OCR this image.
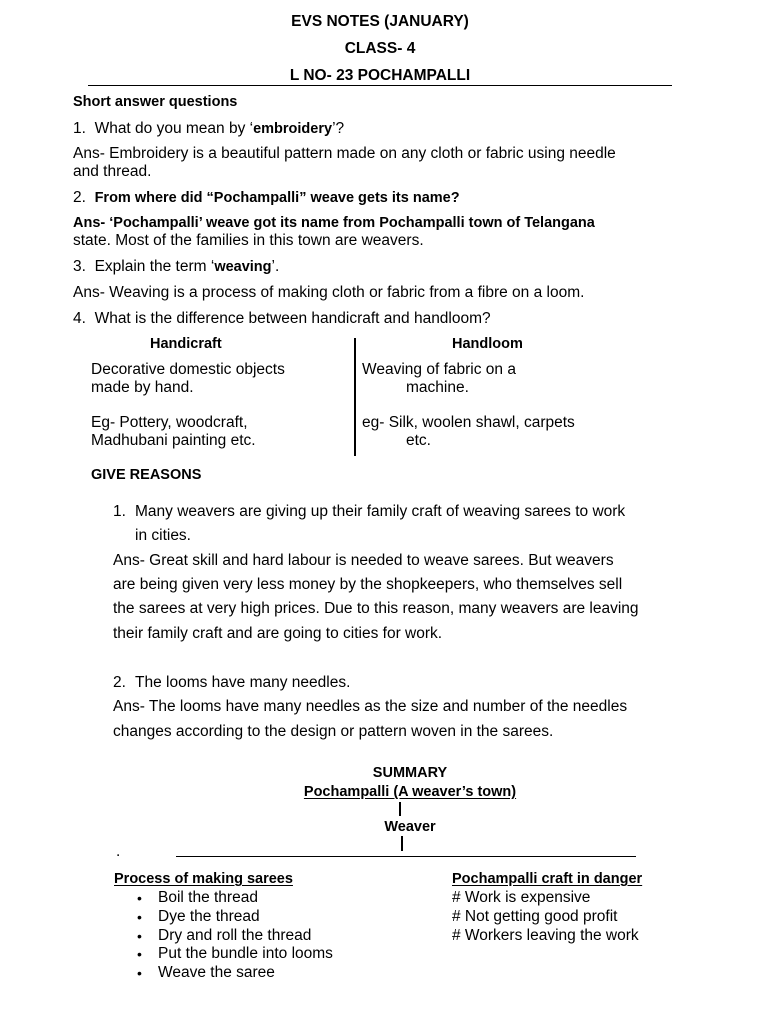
EVS NOTES (JANUARY)
CLASS- 4
L NO- 23 POCHAMPALLI
Short answer questions
1. What do you mean by ‘embroidery’?
Ans- Embroidery is a beautiful pattern made on any cloth or fabric using needle
and thread.
2. From where did “Pochampalli” weave gets its name?
Ans- ‘Pochampalli’ weave got its name from Pochampalli town of Telangana
state. Most of the families in this town are weavers.
3. Explain the term ‘weaving’.
Ans- Weaving is a process of making cloth or fabric from a fibre on a loom.
4. What is the difference between handicraft and handloom?
Handicraft	Handloom
Decorative domestic objects
made by hand.
Weaving of fabric on a
machine.
Eg- Pottery, woodcraft,
Madhubani painting etc.
eg- Silk, woolen shawl, carpets
etc.
GIVE REASONS
1. Many weavers are giving up their family craft of weaving sarees to work
in cities.
Ans- Great skill and hard labour is needed to weave sarees. But weavers
are being given very less money by the shopkeepers, who themselves sell
the sarees at very high prices. Due to this reason, many weavers are leaving
their family craft and are going to cities for work.
2. The looms have many needles.
Ans- The looms have many needles as the size and number of the needles
changes according to the design or pattern woven in the sarees.
SUMMARY
Pochampalli (A weaver’s town)
Weaver
.
Process of making sarees
• Boil the thread
• Dye the thread
• Dry and roll the thread
• Put the bundle into looms
• Weave the saree
Pochampalli craft in danger
# Work is expensive
# Not getting good profit
# Workers leaving the work
